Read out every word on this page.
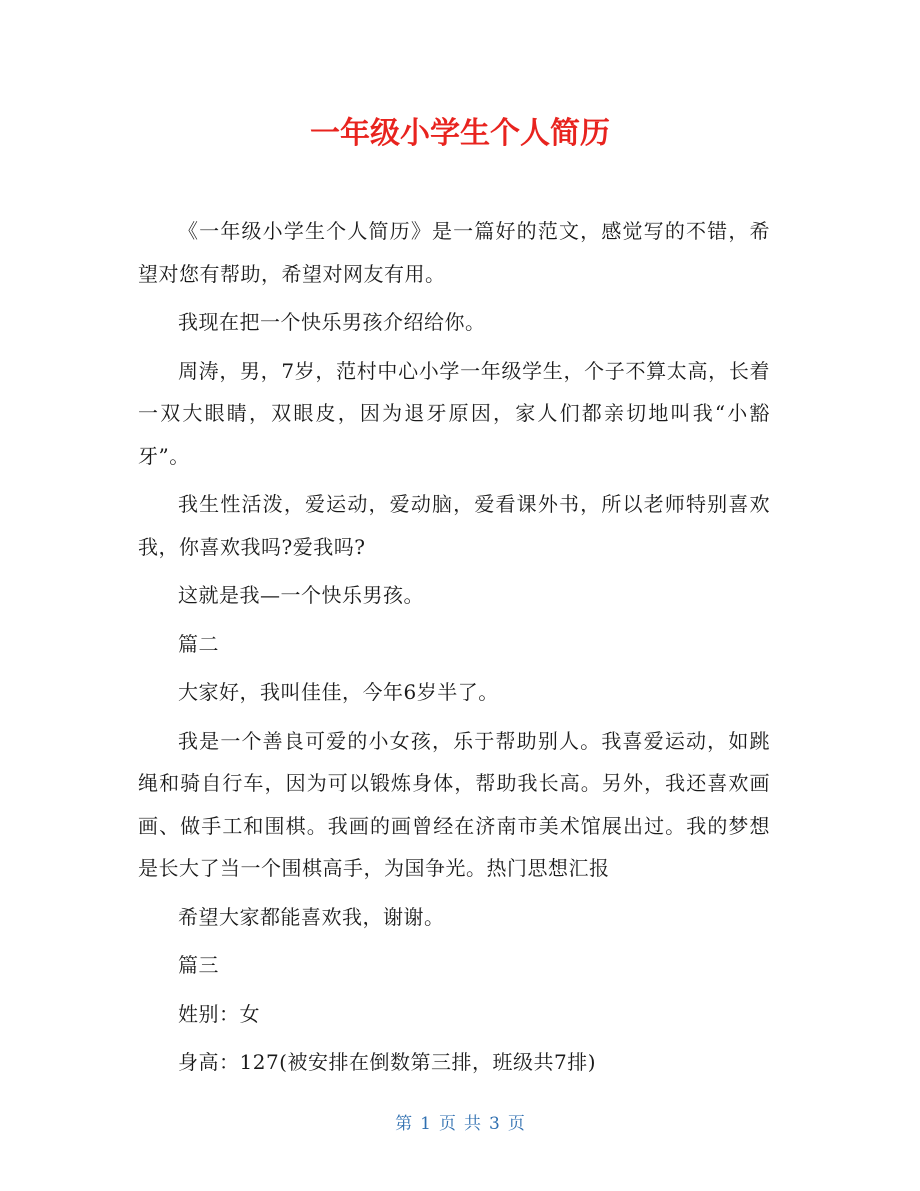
一年级小学生个人简历

《一年级小学生个人简历》是一篇好的范文，感觉写的不错，希望对您有帮助，希望对网友有用。

我现在把一个快乐男孩介绍给你。

周涛，男，7岁，范村中心小学一年级学生，个子不算太高，长着一双大眼睛，双眼皮，因为退牙原因，家人们都亲切地叫我“小豁牙”。

我生性活泼，爱运动，爱动脑，爱看课外书，所以老师特别喜欢我，你喜欢我吗?爱我吗?

这就是我—一个快乐男孩。

篇二

大家好，我叫佳佳，今年6岁半了。

我是一个善良可爱的小女孩，乐于帮助别人。我喜爱运动，如跳绳和骑自行车，因为可以锻炼身体，帮助我长高。另外，我还喜欢画画、做手工和围棋。我画的画曾经在济南市美术馆展出过。我的梦想是长大了当一个围棋高手，为国争光。热门思想汇报

希望大家都能喜欢我，谢谢。

篇三

姓别：女

身高：127(被安排在倒数第三排，班级共7排)

第 1 页 共 3 页
